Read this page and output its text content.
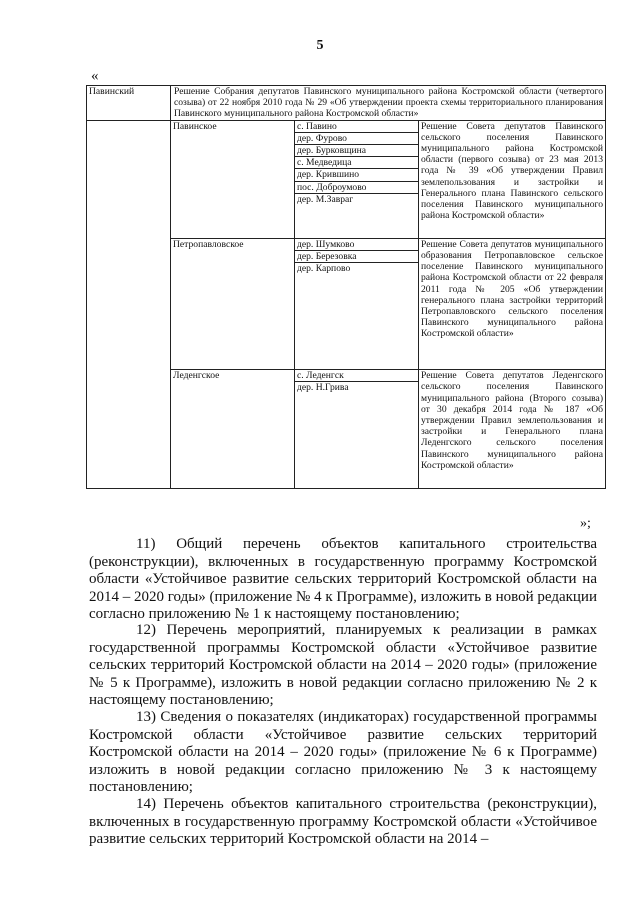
5
«
Павинский	Решение Собрания депутатов Павинского муниципального района Костромской области (четвертого созыва) от 22 ноября 2010 года № 29 «Об утверждении проекта схемы территориального планирования Павинского муниципального района Костромской области»		
	Павинское	с. Павино	Решение Совета депутатов Павинского сельского поселения Павинского муниципального района Костромской области (первого созыва) от 23 мая 2013 года № 39 «Об утверждении Правил землепользования и застройки и Генерального плана Павинского сельского поселения Павинского муниципального района Костромской области»
		дер. Фурово	
		дер. Бурковщина	
		с. Медведица	
		дер. Крившино	
		пос. Доброумово	
		дер. М.Завраг	
	Петропавловское	дер. Шумково	Решение Совета депутатов муниципального образования Петропавловское сельское поселение Павинского муниципального района Костромской области от 22 февраля 2011 года № 205 «Об утверждении генерального плана застройки территорий Петропавловского сельского поселения Павинского муниципального района Костромской области»
		дер. Березовка	
		дер. Карпово	
	Леденгское	с. Леденгск	Решение Совета депутатов Леденгского сельского поселения Павинского муниципального района (Второго созыва) от 30 декабря 2014 года № 187 «Об утверждении Правил землепользования и застройки и Генерального плана Леденгского сельского поселения Павинского муниципального района Костромской области»
		дер. Н.Грива	
»;

11) Общий перечень объектов капитального строительства (реконструкции), включенных в государственную программу Костромской области «Устойчивое развитие сельских территорий Костромской области на 2014 – 2020 годы» (приложение № 4 к Программе), изложить в новой редакции согласно приложению № 1 к настоящему постановлению;

12) Перечень мероприятий, планируемых к реализации в рамках государственной программы Костромской области «Устойчивое развитие сельских территорий Костромской области на 2014 – 2020 годы» (приложение № 5 к Программе), изложить в новой редакции согласно приложению № 2 к настоящему постановлению;

13) Сведения о показателях (индикаторах) государственной программы Костромской области «Устойчивое развитие сельских территорий Костромской области на 2014 – 2020 годы» (приложение № 6 к Программе) изложить в новой редакции согласно приложению № 3 к настоящему постановлению;

14) Перечень объектов капитального строительства (реконструкции), включенных в государственную программу Костромской области «Устойчивое развитие сельских территорий Костромской области на 2014 –
